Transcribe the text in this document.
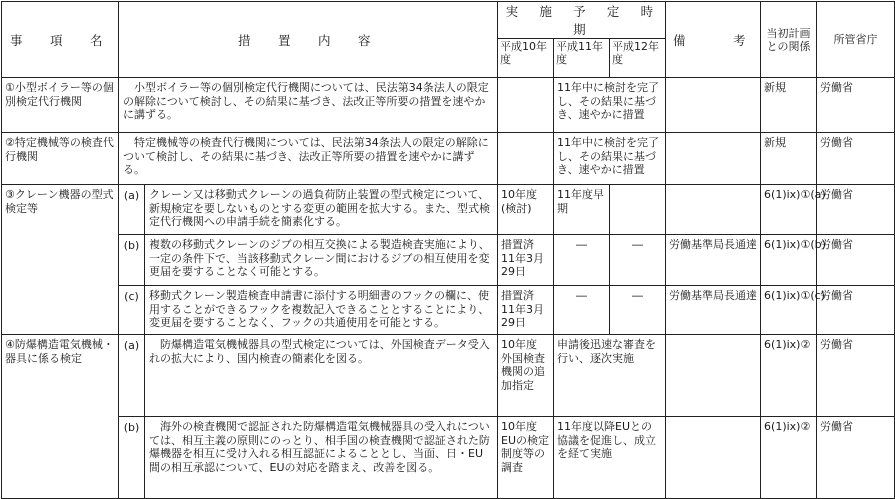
事　項　名	措　置　内　容		実　施　予　定　時　期			備　　考	当初計画との関係	所管省庁
			平成10年度	平成11年度	平成12年度			
①小型ボイラー等の個別検定代行機関	　小型ボイラー等の個別検定代行機関については、民法第34条法人の限定の解除について検討し、その結果に基づき、法改正等所要の措置を速やかに講ずる。			11年中に検討を完了し、その結果に基づき、速やかに措置			新規	労働省
②特定機械等の検査代行機関	　特定機械等の検査代行機関については、民法第34条法人の限定の解除について検討し、その結果に基づき、法改正等所要の措置を速やかに講ずる。			11年中に検討を完了し、その結果に基づき、速やかに措置			新規	労働省
③クレーン機器の型式検定等	(a)	クレーン又は移動式クレーンの過負荷防止装置の型式検定について、新規検定を要しないものとする変更の範囲を拡大する。また、型式検定代行機関への申請手続を簡素化する。	10年度(検討)	11年度早期			6(1)ix)①(a)	労働省
	(b)	複数の移動式クレーンのジブの相互交換による製造検査実施により、一定の条件下で、当該移動式クレーン間におけるジブの相互使用を変更届を要することなく可能とする。	措置済 11年3月29日	―	―	労働基準局長通達	6(1)ix)①(b)	労働省
	(c)	移動式クレーン製造検査申請書に添付する明細書のフックの欄に、使用することができるフックを複数記入できることとすることにより、変更届を要することなく、フックの共通使用を可能とする。	措置済 11年3月29日	―	―	労働基準局長通達	6(1)ix)①(c)	労働省
④防爆構造電気機械・器具に係る検定	(a)	　防爆構造電気機械器具の型式検定については、外国検査データ受入れの拡大により、国内検査の簡素化を図る。	10年度 外国検査機関の追加指定	申請後迅速な審査を行い、逐次実施			6(1)ix)②	労働省
	(b)	　海外の検査機関で認証された防爆構造電気機械器具の受入れについては、相互主義の原則にのっとり、相手国の検査機関で認証された防爆機器を相互に受け入れる相互認証によることとし、当面、日・EU間の相互承認について、EUの対応を踏まえ、改善を図る。	10年度 EUの検定制度等の調査	11年度以降EUとの協議を促進し、成立を経て実施			6(1)ix)②	労働省
